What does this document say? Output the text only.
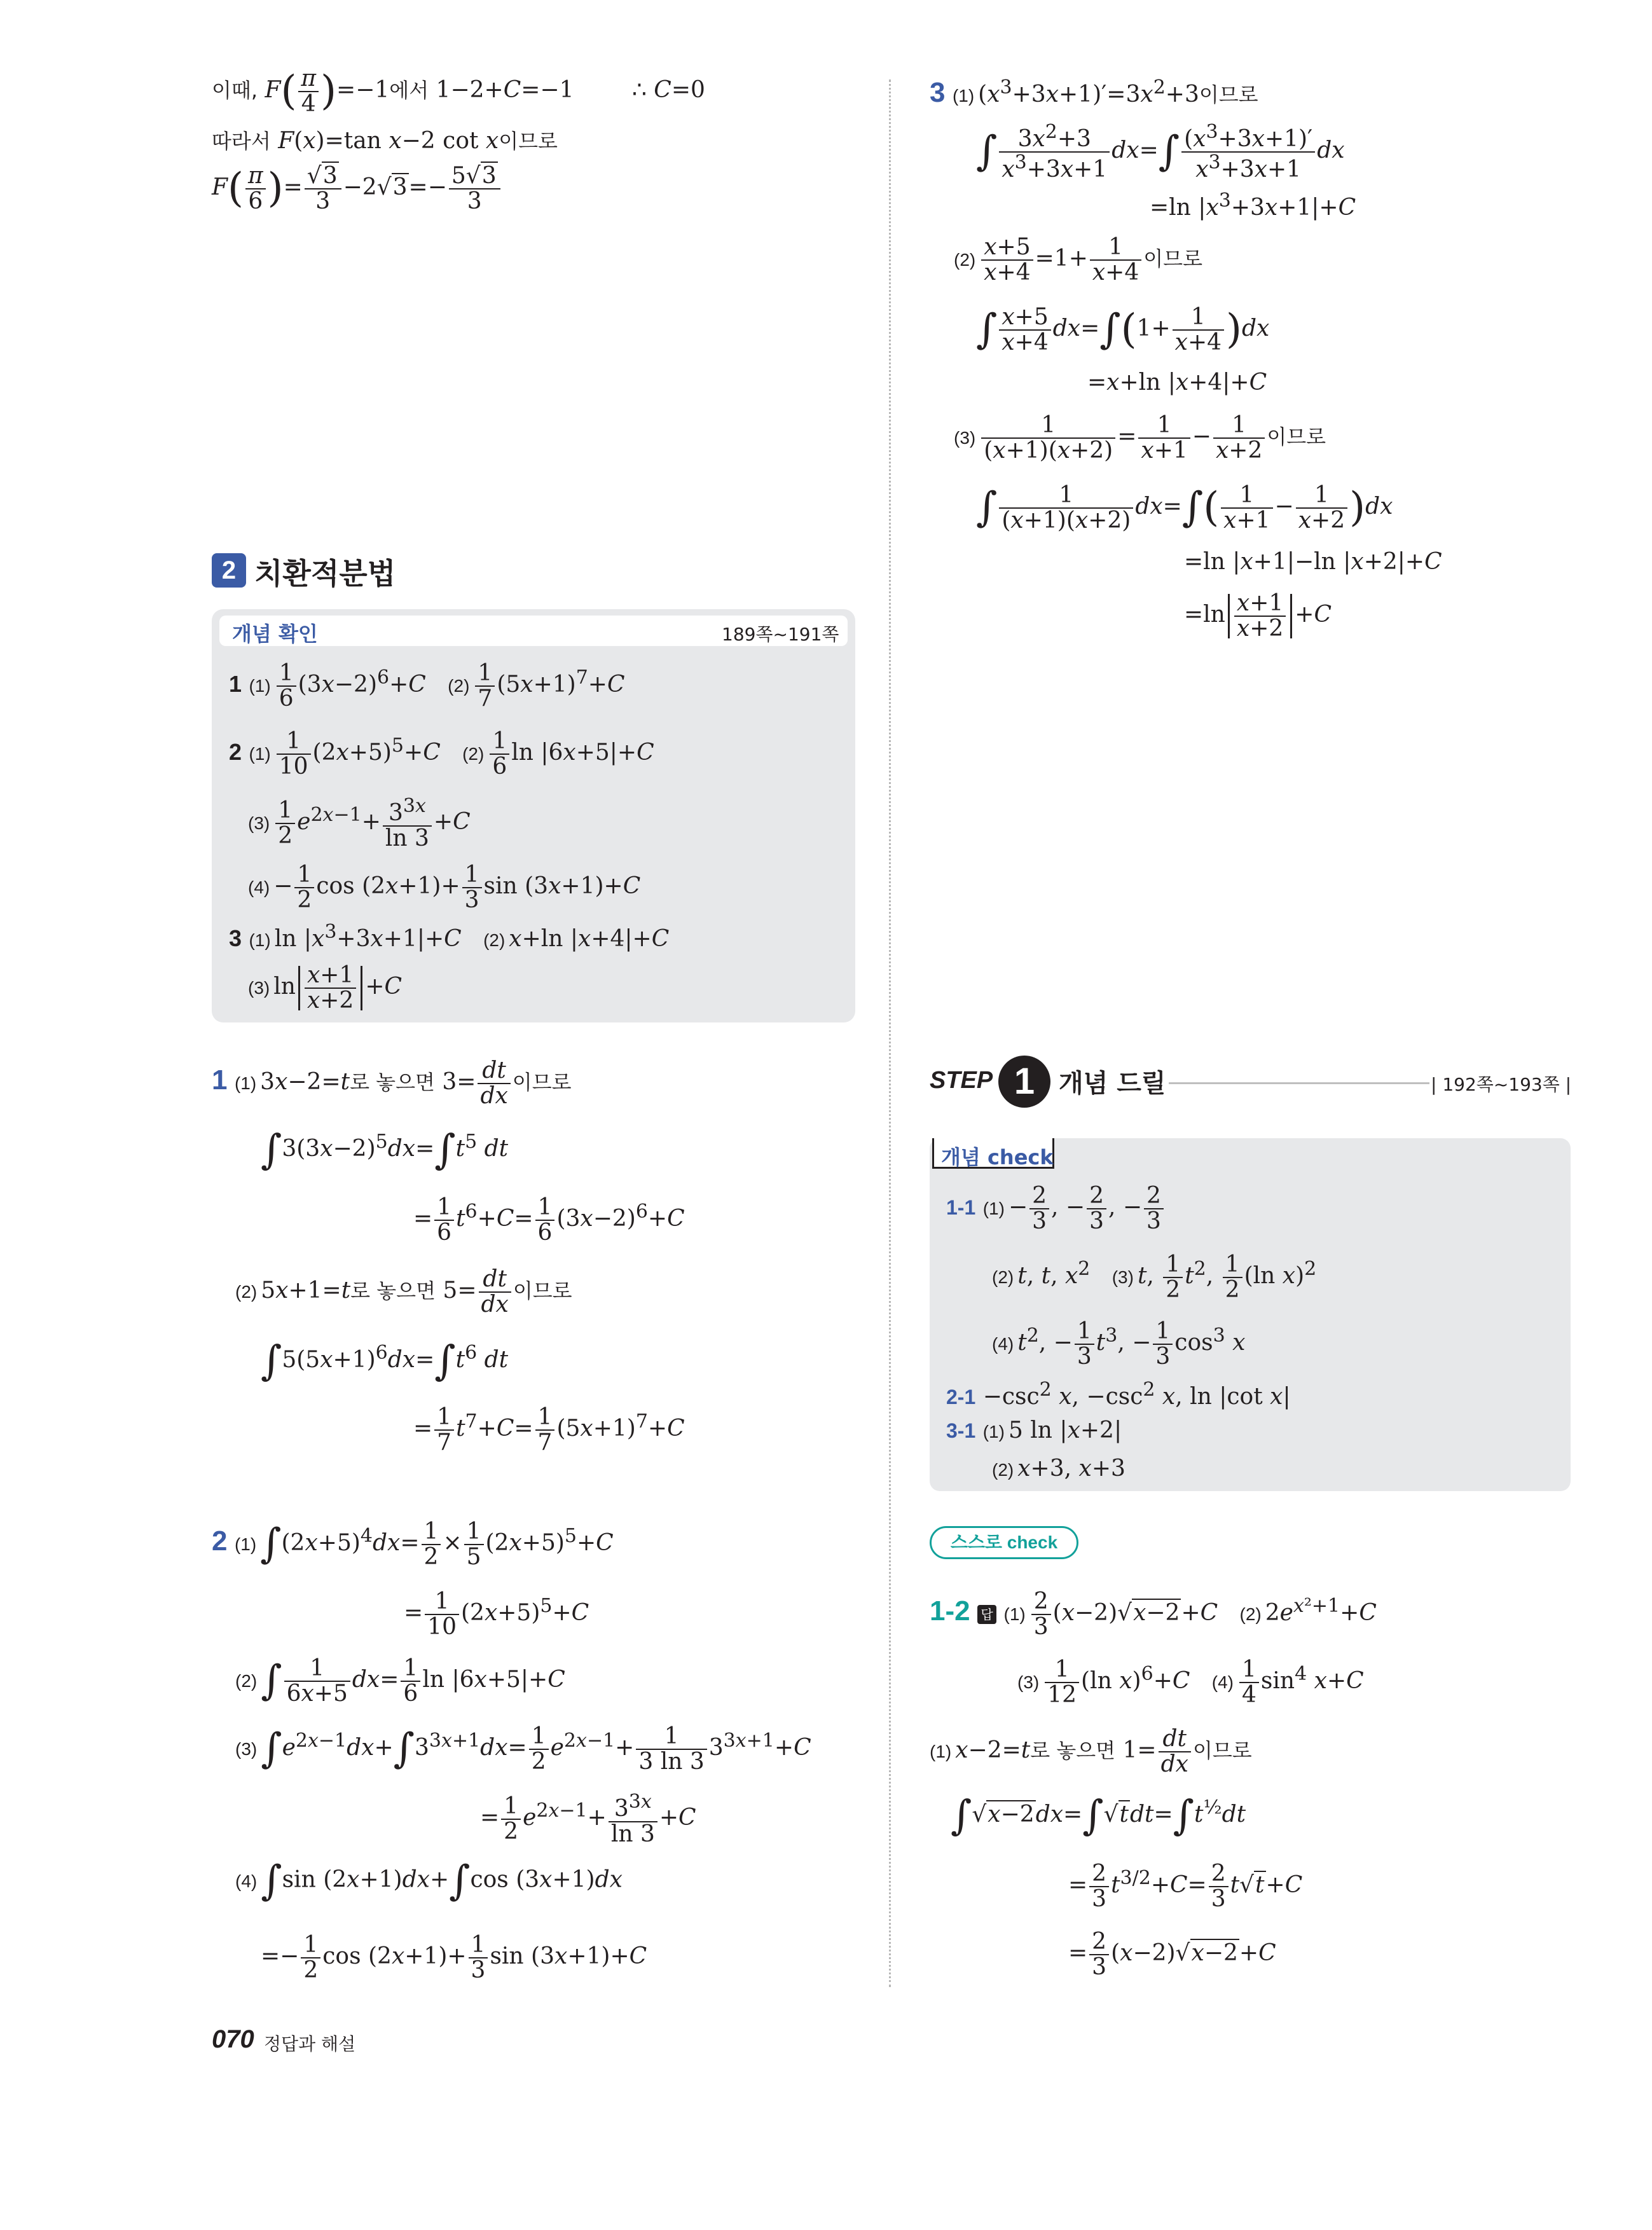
이때, $F( \frac{\pi}{4} )=-1$에서 1−2+C=−1 ∴ C=0
따라서 F(x)=tan x−2 cot x이므로
$F( \frac{\pi}{6}$ )= $\frac{√3}{3} -2√3=- \frac{5√3}{3}$
2 치환적분법
개념 확인	189쪽~191쪽
1 $(1) \frac{1}{6} (3x-2)^6+C$ $(2) \frac{1}{7} (5x+1)^7+C$
2 $(1) \frac{1}{10} (2x+5)^5+C$ $(2) \frac{1}{6}$ ln |6x+5|+C
$(3) \frac{1}{2} e^{2x-1}+ \frac{3^{3x}}{\ln 3} +C$
$(4) - \frac{1}{2}$ $\cos (2x+1)+ \frac{1}{3}$ sin (3x+1)+C
3 (1) $\ln |x^3+3x+1|+C$ (2) x+ln |x+4|+C
(3) $\ln \frac{x+1}{x+2} +C$
1 (1) 3x−2=t로 놓으면 $3= \frac{dt}{dx}$ 이므로
$\int 3(3x-2)^5dx=\int t^5$ dt
= $\frac{1}{6} t^6+C= \frac{1}{6} (3x-2)^6+C$
(2) 5x+1=t로 놓으면 $5= \frac{dt}{dx}$ 이므로
$\int 5(5x+1)^6dx=\int t^6$ dt
= $\frac{1}{7} t^7+C= \frac{1}{7} (5x+1)^7+C$
2 $(1)\int(2x+5)^4dx= \frac{1}{2} \times \frac{1}{5} (2x+5)^5+C$
= $\frac{1}{10} (2x+5)^5+C$
$(2)\int \frac{1}{6x+5} dx= \frac{1}{6}$ ln |6x+5|+C
$(3)\int e^{2x-1}dx+\int 3^{3x+1}dx= \frac{1}{2} e^{2x-1}+ \frac{1}{3 \ln 3} 3^{3x+1}+C$
= $\frac{1}{2} e^{2x-1}+ \frac{3^{3x}}{\ln 3} +C$
(4)∫sin (2x+1)dx+∫cos (3x+1)dx
=− $\frac{1}{2}$ $\cos (2x+1)+ \frac{1}{3}$ sin (3x+1)+C
3 (1) $(x^3+3x+1)'=3x^2+3$이므로
∫ $\frac{3x^2+3}{x^3+3x+1} dx=\int \frac{(x^3+3x+1)'}{x^3+3x+1}$ dx
=ln $|x^3+3x+1|+C$
$(2) \frac{x+5}{x+4} =1+ \frac{1}{x+4}$ 이므로
∫ $\frac{x+5}{x+4} dx=\int(1+ \frac{1}{x+4} )dx$
=x+ln |x+4|+C
$(3) \frac{1}{(x+1)(x+2)} = \frac{1}{x+1} - \frac{1}{x+2}$ 이므로
∫ $\frac{1}{(x+1)(x+2)} dx=\int( \frac{1}{x+1} - \frac{1}{x+2} )dx$
=ln |x+1|−ln |x+2|+C
$=\ln \frac{x+1}{x+2} +C$
STEP 1 개념 드릴	| 192쪽~193쪽 |
개념 check
1-1 $(1) - \frac{2}{3}$ , − $\frac{2}{3}$ , − $\frac{2}{3}$
(2) t, t, $x^2$ (3) t, $\frac{1}{2} t^2$, $\frac{1}{2} (\ln$ x)$^2$
(4) $t^2$, − $\frac{1}{3} t^3$, − $\frac{1}{3} \cos^3 x$
$2-1 -\csc^2$ x, $-\csc^2$ x, ln |cot x|
3-1 (1) 5 ln |x+2|
(2) x+3, x+3
스스로 check
1-2 답 $(1) \frac{2}{3} (x-2)√x-2+C$ (2) $2e^{x^2+1}+C$
$(3) \frac{1}{12} (\ln$ x)$^6$+C $(4) \frac{1}{4} \sin^4 x+C$
(1) x−2=t로 놓으면 $1= \frac{dt}{dx}$ 이므로
$\int√x-2dx=\int√tdt=\int t^{\frac{1}{2}}dt$
= $\frac{2}{3} t^{3/2}+C= \frac{2}{3} t√t+C$
= $\frac{2}{3} (x-2)√x-2+C$
070 정답과 해설
